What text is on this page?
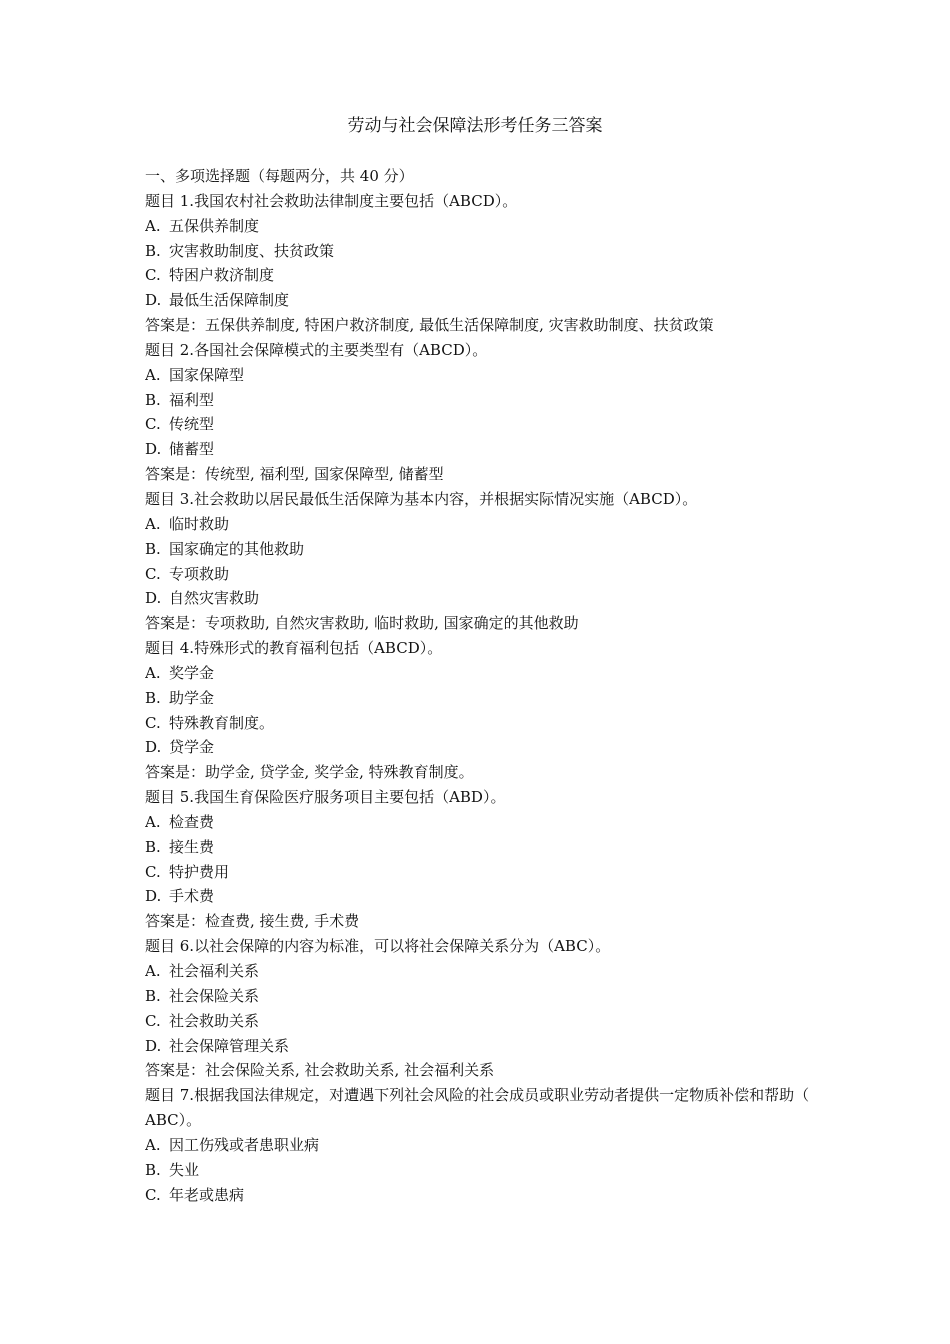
劳动与社会保障法形考任务三答案

一、多项选择题（每题两分，共 40 分）

题目 1.我国农村社会救助法律制度主要包括（ABCD）。

A. 五保供养制度

B. 灾害救助制度、扶贫政策

C. 特困户救济制度

D. 最低生活保障制度

答案是：五保供养制度, 特困户救济制度, 最低生活保障制度, 灾害救助制度、扶贫政策

题目 2.各国社会保障模式的主要类型有（ABCD）。

A. 国家保障型

B. 福利型

C. 传统型

D. 储蓄型

答案是：传统型, 福利型, 国家保障型, 储蓄型

题目 3.社会救助以居民最低生活保障为基本内容，并根据实际情况实施（ABCD）。

A. 临时救助

B. 国家确定的其他救助

C. 专项救助

D. 自然灾害救助

答案是：专项救助, 自然灾害救助, 临时救助, 国家确定的其他救助

题目 4.特殊形式的教育福利包括（ABCD）。

A. 奖学金

B. 助学金

C. 特殊教育制度。

D. 贷学金

答案是：助学金, 贷学金, 奖学金, 特殊教育制度。

题目 5.我国生育保险医疗服务项目主要包括（ABD）。

A. 检查费

B. 接生费

C. 特护费用

D. 手术费

答案是：检查费, 接生费, 手术费

题目 6.以社会保障的内容为标准，可以将社会保障关系分为（ABC）。

A. 社会福利关系

B. 社会保险关系

C. 社会救助关系

D. 社会保障管理关系

答案是：社会保险关系, 社会救助关系, 社会福利关系

题目 7.根据我国法律规定，对遭遇下列社会风险的社会成员或职业劳动者提供一定物质补偿和帮助（ ABC）。

A. 因工伤残或者患职业病

B. 失业

C. 年老或患病
